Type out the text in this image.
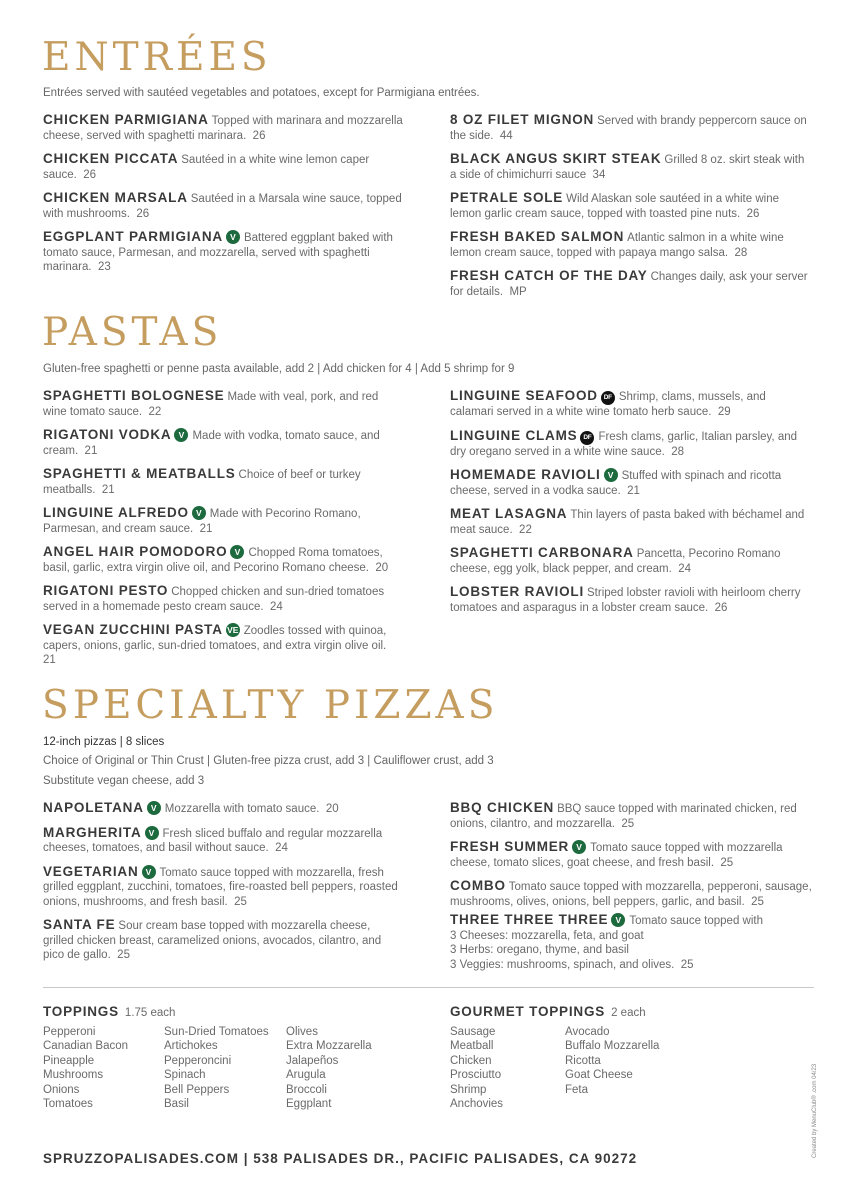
ENTRÉES
Entrées served with sautéed vegetables and potatoes, except for Parmigiana entrées.
CHICKEN PARMIGIANA Topped with marinara and mozzarella cheese, served with spaghetti marinara. 26
CHICKEN PICCATA Sautéed in a white wine lemon caper sauce. 26
CHICKEN MARSALA Sautéed in a Marsala wine sauce, topped with mushrooms. 26
EGGPLANT PARMIGIANA V Battered eggplant baked with tomato sauce, Parmesan, and mozzarella, served with spaghetti marinara. 23
8 OZ FILET MIGNON Served with brandy peppercorn sauce on the side. 44
BLACK ANGUS SKIRT STEAK Grilled 8 oz. skirt steak with a side of chimichurri sauce 34
PETRALE SOLE Wild Alaskan sole sautéed in a white wine lemon garlic cream sauce, topped with toasted pine nuts. 26
FRESH BAKED SALMON Atlantic salmon in a white wine lemon cream sauce, topped with papaya mango salsa. 28
FRESH CATCH OF THE DAY Changes daily, ask your server for details. MP
PASTAS
Gluten-free spaghetti or penne pasta available, add 2 | Add chicken for 4 | Add 5 shrimp for 9
SPAGHETTI BOLOGNESE Made with veal, pork, and red wine tomato sauce. 22
RIGATONI VODKA V Made with vodka, tomato sauce, and cream. 21
SPAGHETTI & MEATBALLS Choice of beef or turkey meatballs. 21
LINGUINE ALFREDO V Made with Pecorino Romano, Parmesan, and cream sauce. 21
ANGEL HAIR POMODORO V Chopped Roma tomatoes, basil, garlic, extra virgin olive oil, and Pecorino Romano cheese. 20
RIGATONI PESTO Chopped chicken and sun-dried tomatoes served in a homemade pesto cream sauce. 24
VEGAN ZUCCHINI PASTA VE Zoodles tossed with quinoa, capers, onions, garlic, sun-dried tomatoes, and extra virgin olive oil.  21
LINGUINE SEAFOOD DF Shrimp, clams, mussels, and calamari served in a white wine tomato herb sauce. 29
LINGUINE CLAMS DF Fresh clams, garlic, Italian parsley, and dry oregano served in a white wine sauce. 28
HOMEMADE RAVIOLI V Stuffed with spinach and ricotta cheese, served in a vodka sauce. 21
MEAT LASAGNA Thin layers of pasta baked with béchamel and meat sauce. 22
SPAGHETTI CARBONARA Pancetta, Pecorino Romano cheese, egg yolk, black pepper, and cream. 24
LOBSTER RAVIOLI Striped lobster ravioli with heirloom cherry tomatoes and asparagus in a lobster cream sauce. 26
SPECIALTY PIZZAS
12-inch pizzas | 8 slices
Choice of Original or Thin Crust | Gluten-free pizza crust, add 3 | Cauliflower crust, add 3
Substitute vegan cheese, add 3
NAPOLETANA V Mozzarella with tomato sauce. 20
MARGHERITA V Fresh sliced buffalo and regular mozzarella cheeses, tomatoes, and basil without sauce. 24
VEGETARIAN V Tomato sauce topped with mozzarella, fresh grilled eggplant, zucchini, tomatoes, fire-roasted bell peppers, roasted onions, mushrooms, and fresh basil. 25
SANTA FE Sour cream base topped with mozzarella cheese, grilled chicken breast, caramelized onions, avocados, cilantro, and pico de gallo. 25
BBQ CHICKEN BBQ sauce topped with marinated chicken, red onions, cilantro, and mozzarella. 25
FRESH SUMMER V Tomato sauce topped with mozzarella cheese, tomato slices, goat cheese, and fresh basil. 25
COMBO Tomato sauce topped with mozzarella, pepperoni, sausage, mushrooms, olives, onions, bell peppers, garlic, and basil. 25
THREE THREE THREE V Tomato sauce topped with
3 Cheeses: mozzarella, feta, and goat
3 Herbs: oregano, thyme, and basil
3 Veggies: mushrooms, spinach, and olives. 25
TOPPINGS 1.75 each
Pepperoni
Canadian Bacon
Pineapple
Mushrooms
Onions
Tomatoes
Sun-Dried Tomatoes
Artichokes
Pepperoncini
Spinach
Bell Peppers
Basil
Olives
Extra Mozzarella
Jalapeños
Arugula
Broccoli
Eggplant
GOURMET TOPPINGS 2 each
Sausage
Meatball
Chicken
Prosciutto
Shrimp
Anchovies
Avocado
Buffalo Mozzarella
Ricotta
Goat Cheese
Feta
SPRUZZOPALISADES.COM | 538 PALISADES DR., PACIFIC PALISADES, CA 90272
Created by MenuClub® .com 04/23
